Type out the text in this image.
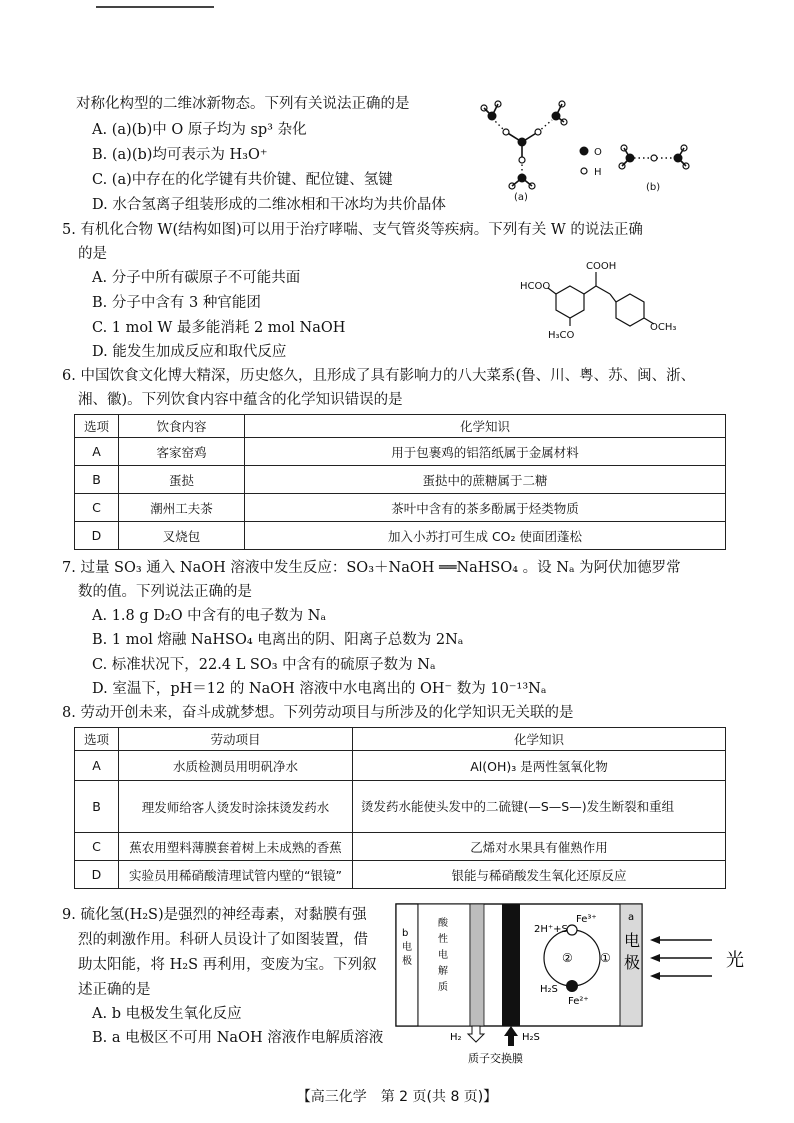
对称化构型的二维冰新物态。下列有关说法正确的是
A. (a)(b)中 O 原子均为 sp³ 杂化
B. (a)(b)均可表示为 H₃O⁺
C. (a)中存在的化学键有共价键、配位键、氢键
D. 水合氢离子组装形成的二维冰相和干冰均为共价晶体	(a)
O
H
(b)
5. 有机化合物 W(结构如图)可以用于治疗哮喘、支气管炎等疾病。下列有关 W 的说法正确
的是
A. 分子中所有碳原子不可能共面
B. 分子中含有 3 种官能团
C. 1 mol W 最多能消耗 2 mol NaOH
D. 能发生加成反应和取代反应
COOH
HCOO
H₃CO
OCH₃
6. 中国饮食文化博大精深，历史悠久，且形成了具有影响力的八大菜系(鲁、川、粤、苏、闽、浙、
湘、徽)。下列饮食内容中蕴含的化学知识错误的是
选项	饮食内容	化学知识
A	客家窑鸡	用于包裹鸡的铝箔纸属于金属材料
B	蛋挞	蛋挞中的蔗糖属于二糖
C	潮州工夫茶	茶叶中含有的茶多酚属于烃类物质
D	叉烧包	加入小苏打可生成 CO₂ 使面团蓬松
7. 过量 SO₃ 通入 NaOH 溶液中发生反应：SO₃＋NaOH ══NaHSO₄ 。设 Nₐ 为阿伏加德罗常
数的值。下列说法正确的是
A. 1.8 g D₂O 中含有的电子数为 Nₐ
B. 1 mol 熔融 NaHSO₄ 电离出的阴、阳离子总数为 2Nₐ
C. 标准状况下，22.4 L SO₃ 中含有的硫原子数为 Nₐ
D. 室温下，pH＝12 的 NaOH 溶液中水电离出的 OH⁻ 数为 10⁻¹³Nₐ
8. 劳动开创未来，奋斗成就梦想。下列劳动项目与所涉及的化学知识无关联的是
选项	劳动项目	化学知识
A	水质检测员用明矾净水	Al(OH)₃ 是两性氢氧化物
B	理发师给客人烫发时涂抹烫发药水	烫发药水能使头发中的二硫键(—S—S—)发生断裂和重组
C	蕉农用塑料薄膜套着树上未成熟的香蕉	乙烯对水果具有催熟作用
D	实验员用稀硝酸清理试管内壁的“银镜”	银能与稀硝酸发生氧化还原反应
9. 硫化氢(H₂S)是强烈的神经毒素，对黏膜有强
烈的刺激作用。科研人员设计了如图装置，借
助太阳能，将 H₂S 再利用，变废为宝。下列叙
述正确的是
A. b 电极发生氧化反应
B. a 电极区不可用 NaOH 溶液作电解质溶液
b 电极
酸性电解质
电极
a
Fe³⁺
Fe²⁺
2H⁺+S
H₂S
② ①	光
H₂	H₂S
质子交换膜
【高三化学　第 2 页(共 8 页)】
